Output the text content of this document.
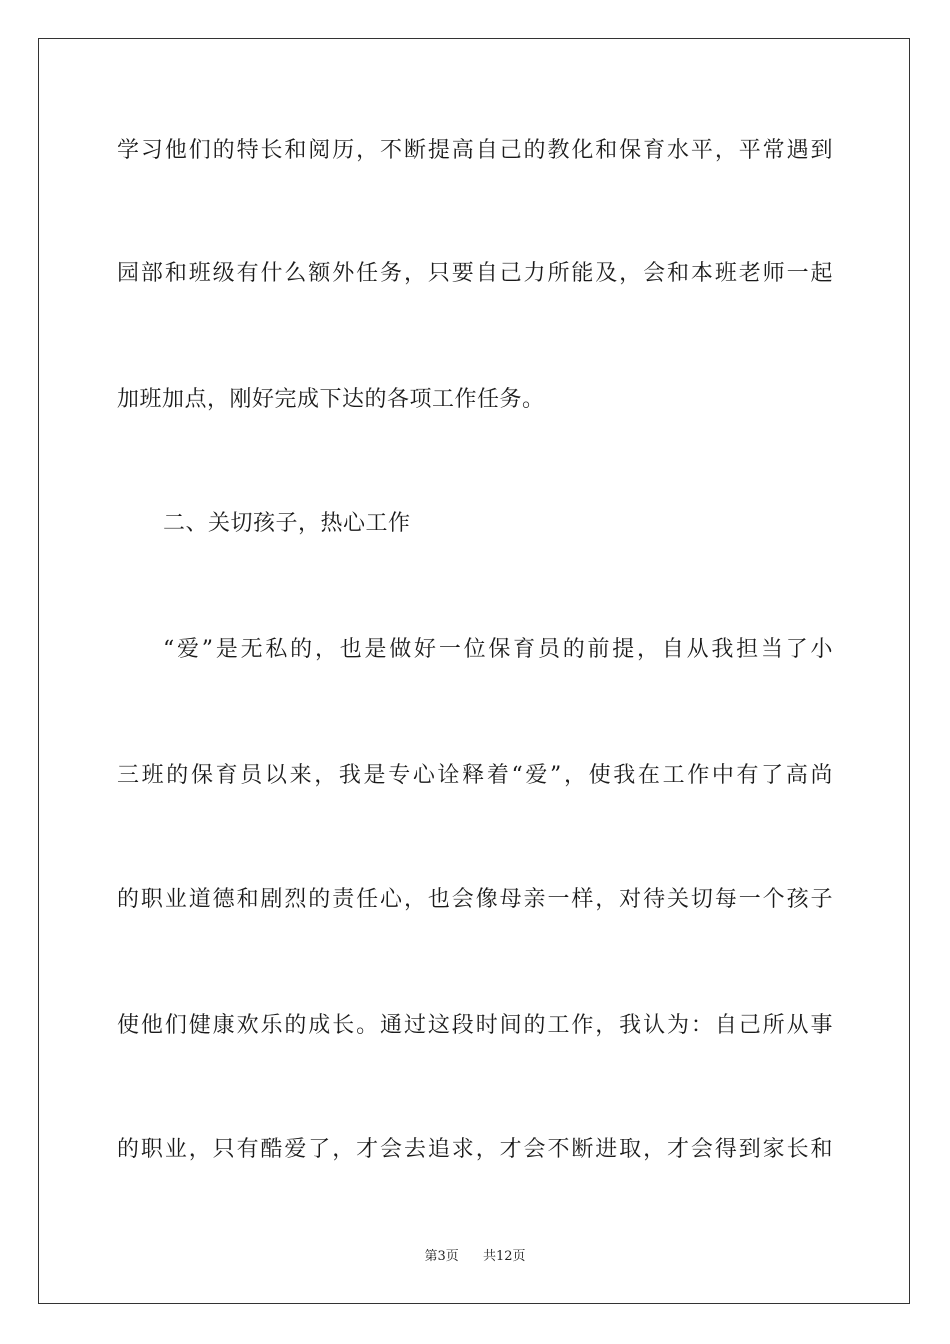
学习他们的特长和阅历，不断提高自己的教化和保育水平，平常遇到
园部和班级有什么额外任务，只要自己力所能及，会和本班老师一起
加班加点，刚好完成下达的各项工作任务。
二、关切孩子，热心工作
“爱”是无私的，也是做好一位保育员的前提，自从我担当了小
三班的保育员以来，我是专心诠释着“爱”，使我在工作中有了高尚
的职业道德和剧烈的责任心，也会像母亲一样，对待关切每一个孩子
使他们健康欢乐的成长。通过这段时间的工作，我认为：自己所从事
的职业，只有酷爱了，才会去追求，才会不断进取，才会得到家长和
第3页 共12页
